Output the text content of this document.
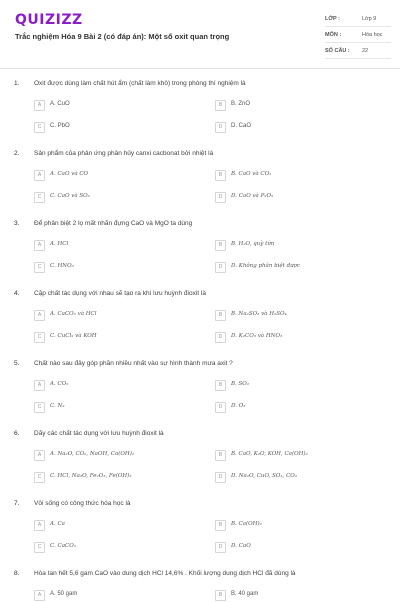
QUIZIZZ
Trắc nghiệm Hóa 9 Bài 2 (có đáp án): Một số oxit quan trọng
LỚP :	Lớp 9
MÔN :	Hóa học
SỐ CÂU : 22
1. Oxit được dùng làm chất hút ẩm (chất làm khô) trong phòng thí nghiệm là
A	A. CuO	B	B. ZnO
C	C. PbO	D	D. CaO
2. Sản phẩm của phản ứng phân hủy canxi cacbonat bởi nhiệt là
A	A. CaO và CO	B	B. CaO và CO₂
C	C. CaO và SO₂	D	D. CaO và P₂O₅
3. Để phân biệt 2 lọ mất nhãn đựng CaO và MgO ta dùng
A	A. HCl	B	B. H₂O, quỳ tím
C	C. HNO₃	D	D. Không phân biệt được
4. Cặp chất tác dụng với nhau sẽ tạo ra khí lưu huỳnh đioxit là
A	A. CaCO₃ và HCl	B	B. Na₂SO₃ và H₂SO₄
C	C. CuCl₂ và KOH	D	D. K₂CO₃ và HNO₃
5. Chất nào sau đây góp phần nhiều nhất vào sự hình thành mưa axit ?
A	A. CO₂	B	B. SO₂
C	C. N₂	D	D. O₃
6. Dãy các chất tác dụng với lưu huỳnh đioxit là
A	A. Na₂O, CO₂, NaOH, Ca(OH)₂	B	B. CaO, K₂O, KOH, Ca(OH)₂
C	C. HCl, Na₂O, Fe₂O₃, Fe(OH)₃	D	D. Na₂O, CuO, SO₃, CO₂
7. Vôi sống có công thức hóa học là
A	A. Ca	B	B. Ca(OH)₂
C	C. CaCO₃	D	D. CaO
8. Hòa tan hết 5,6 gam CaO vào dung dịch HCl 14,6% . Khối lượng dung dịch HCl đã dùng là
A	A. 50 gam	B	B. 40 gam
